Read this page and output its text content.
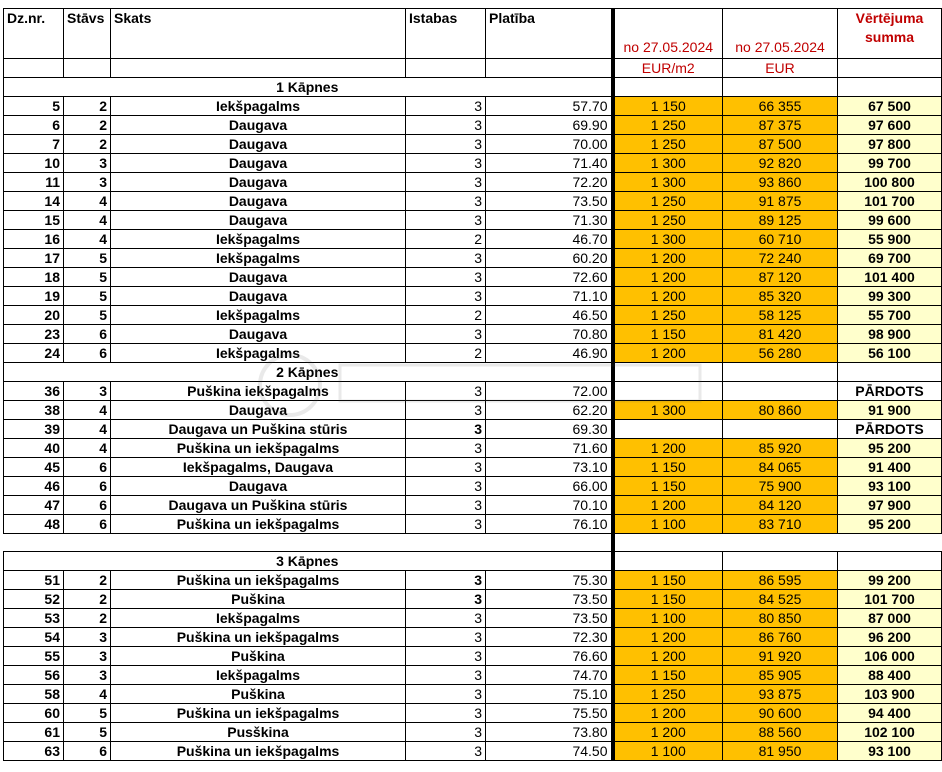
Dz.nr.	Stāvs	Skats	Istabas	Platība	no 27.05.2024	no 27.05.2024	Vērtējuma summa
					EUR/m2	EUR	
1 Kāpnes							
5	2	Iekšpagalms	3	57.70	1 150	66 355	67 500
6	2	Daugava	3	69.90	1 250	87 375	97 600
7	2	Daugava	3	70.00	1 250	87 500	97 800
10	3	Daugava	3	71.40	1 300	92 820	99 700
11	3	Daugava	3	72.20	1 300	93 860	100 800
14	4	Daugava	3	73.50	1 250	91 875	101 700
15	4	Daugava	3	71.30	1 250	89 125	99 600
16	4	Iekšpagalms	2	46.70	1 300	60 710	55 900
17	5	Iekšpagalms	3	60.20	1 200	72 240	69 700
18	5	Daugava	3	72.60	1 200	87 120	101 400
19	5	Daugava	3	71.10	1 200	85 320	99 300
20	5	Iekšpagalms	2	46.50	1 250	58 125	55 700
23	6	Daugava	3	70.80	1 150	81 420	98 900
24	6	Iekšpagalms	2	46.90	1 200	56 280	56 100
2 Kāpnes							
36	3	Puškina iekšpagalms	3	72.00			PĀRDOTS
38	4	Daugava	3	62.20	1 300	80 860	91 900
39	4	Daugava un Puškina stūris	3	69.30			PĀRDOTS
40	4	Puškina un iekšpagalms	3	71.60	1 200	85 920	95 200
45	6	Iekšpagalms, Daugava	3	73.10	1 150	84 065	91 400
46	6	Daugava	3	66.00	1 150	75 900	93 100
47	6	Daugava un Puškina stūris	3	70.10	1 200	84 120	97 900
48	6	Puškina un iekšpagalms	3	76.10	1 100	83 710	95 200

3 Kāpnes							
51	2	Puškina un iekšpagalms	3	75.30	1 150	86 595	99 200
52	2	Puškina	3	73.50	1 150	84 525	101 700
53	2	Iekšpagalms	3	73.50	1 100	80 850	87 000
54	3	Puškina un iekšpagalms	3	72.30	1 200	86 760	96 200
55	3	Puškina	3	76.60	1 200	91 920	106 000
56	3	Iekšpagalms	3	74.70	1 150	85 905	88 400
58	4	Puškina	3	75.10	1 250	93 875	103 900
60	5	Puškina un iekšpagalms	3	75.50	1 200	90 600	94 400
61	5	Pusškina	3	73.80	1 200	88 560	102 100
63	6	Puškina un iekšpagalms	3	74.50	1 100	81 950	93 100
